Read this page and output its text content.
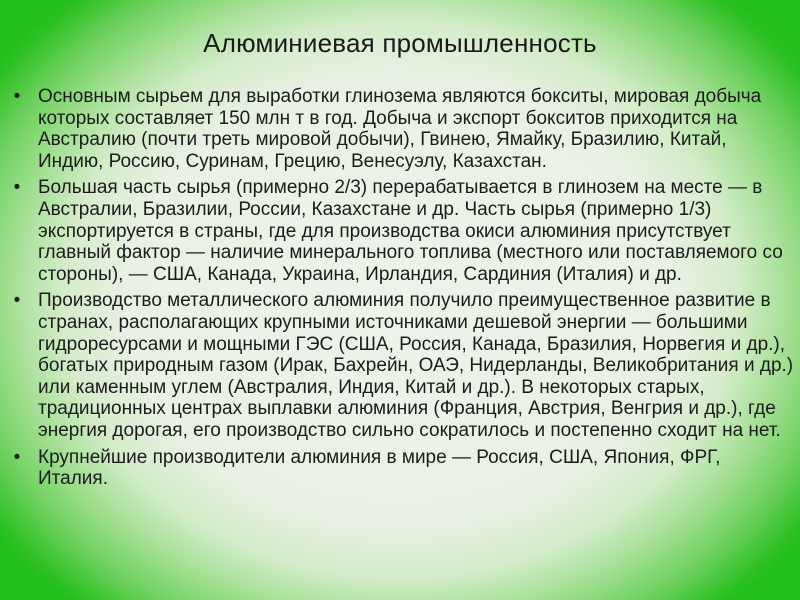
Алюминиевая промышленность
• Основным сырьем для выработки глинозема являются бокситы, мировая добыча которых составляет 150 млн т в год. Добыча и экспорт бокситов приходится на Австралию (почти треть мировой добычи), Гвинею, Ямайку, Бразилию, Китай, Индию, Россию, Суринам, Грецию, Венесуэлу, Казахстан.
• Большая часть сырья (примерно 2/3) перерабатывается в глинозем на месте — в Австралии, Бразилии, России, Казахстане и др. Часть сырья (примерно 1/3) экспортируется в страны, где для производства окиси алюминия присутствует главный фактор — наличие минерального топлива (местного или поставляемого со стороны), — США, Канада, Украина, Ирландия, Сардиния (Италия) и др.
• Производство металлического алюминия получило преимущественное развитие в странах, располагающих крупными источниками дешевой энергии — большими гидроресурсами и мощными ГЭС (США, Россия, Канада, Бразилия, Норвегия и др.), богатых природным газом (Ирак, Бахрейн, ОАЭ, Нидерланды, Великобритания и др.) или каменным углем (Австралия, Индия, Китай и др.). В некоторых старых, традиционных центрах выплавки алюминия (Франция, Австрия, Венгрия и др.), где энергия дорогая, его производство сильно сократилось и постепенно сходит на нет.
• Крупнейшие производители алюминия в мире — Россия, США, Япония, ФРГ, Италия.
